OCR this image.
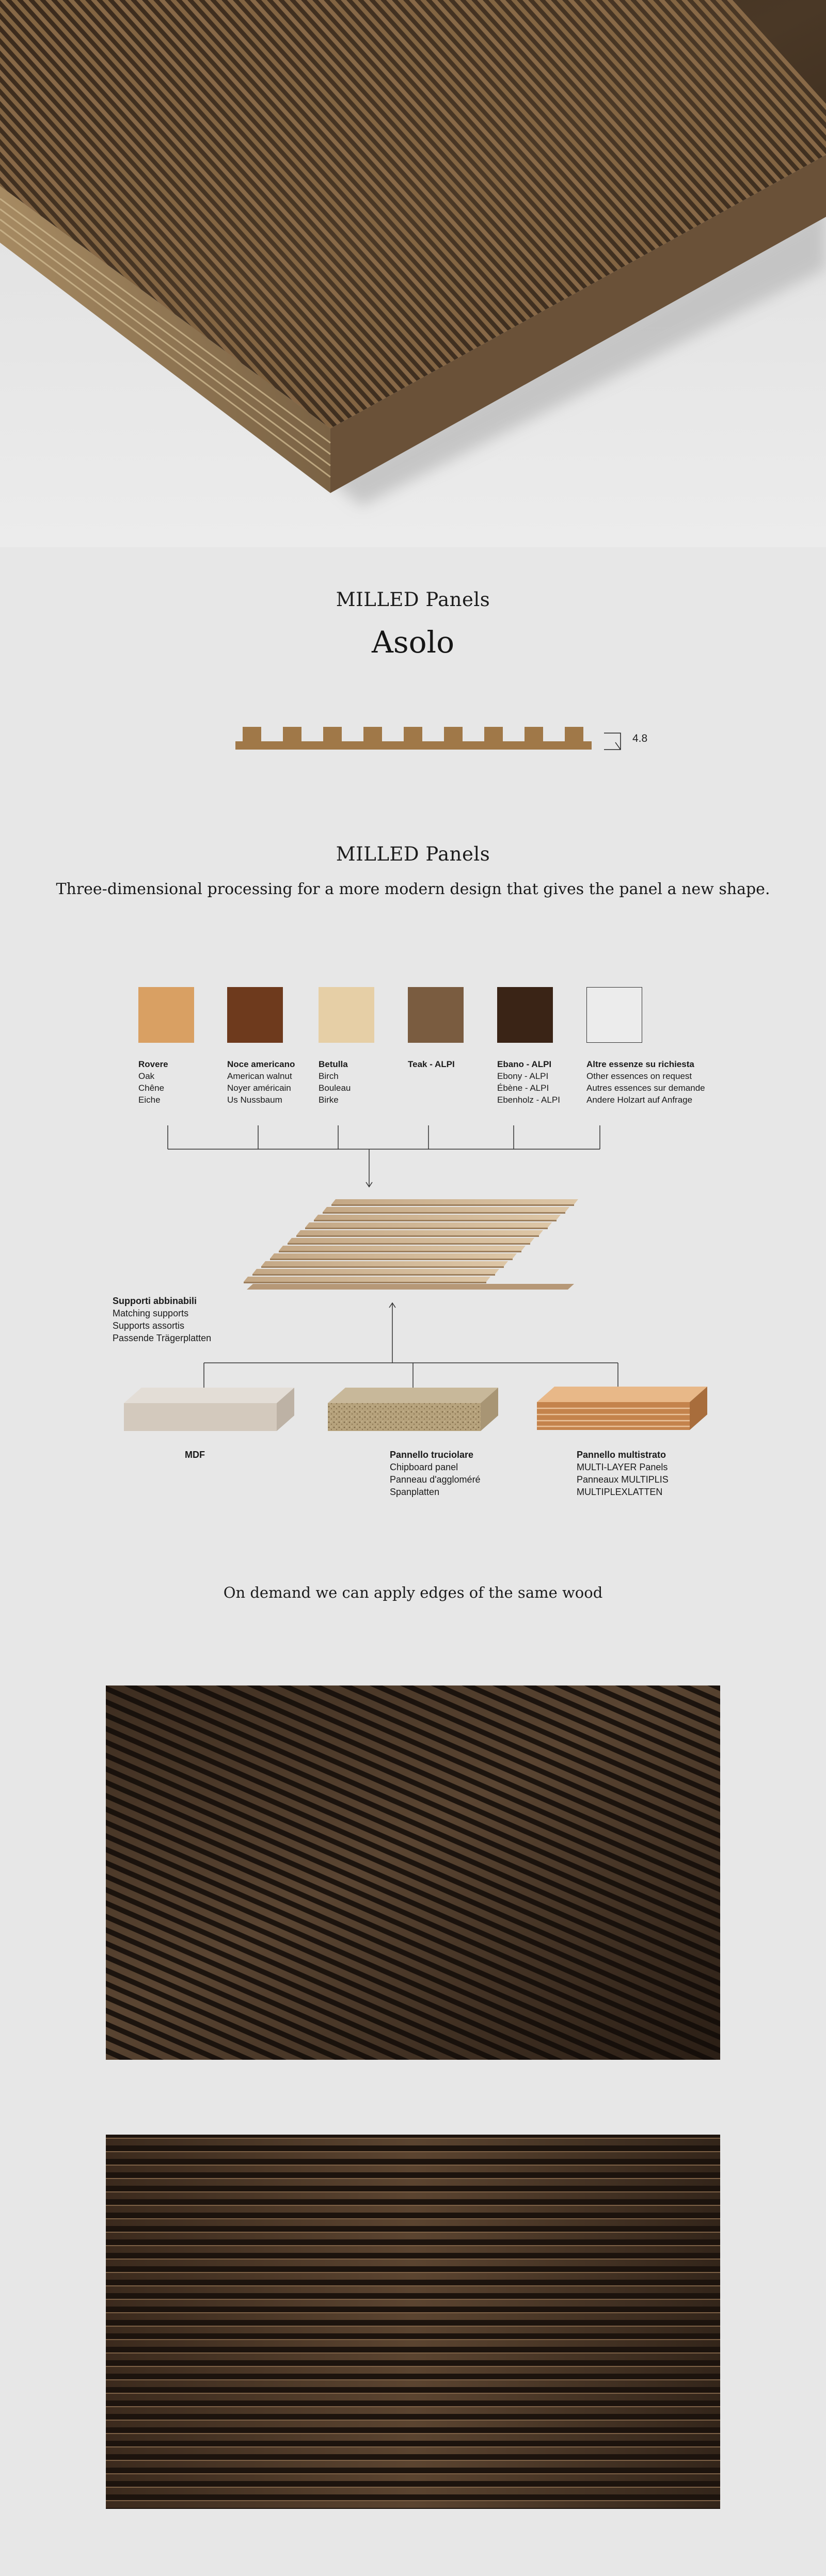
MILLED Panels
Asolo
4.8
MILLED Panels
Three-dimensional processing for a more modern design that gives the panel a new shape.
Rovere
Oak
Chêne
Eiche
Noce americano
American walnut
Noyer américain
Us Nussbaum
Betulla
Birch
Bouleau
Birke
Teak - ALPI	Ebano - ALPI
Ebony - ALPI
Ébène - ALPI
Ebenholz - ALPI
Altre essenze su richiesta
Other essences on request
Autres essences sur demande
Andere Holzart auf Anfrage
Supporti abbinabili
Matching supports
Supports assortis
Passende Trägerplatten
MDF	Pannello truciolare
Chipboard panel
Panneau d'aggloméré
Spanplatten
Pannello multistrato
MULTI-LAYER Panels
Panneaux MULTIPLIS
MULTIPLEXLATTEN
On demand we can apply edges of the same wood
